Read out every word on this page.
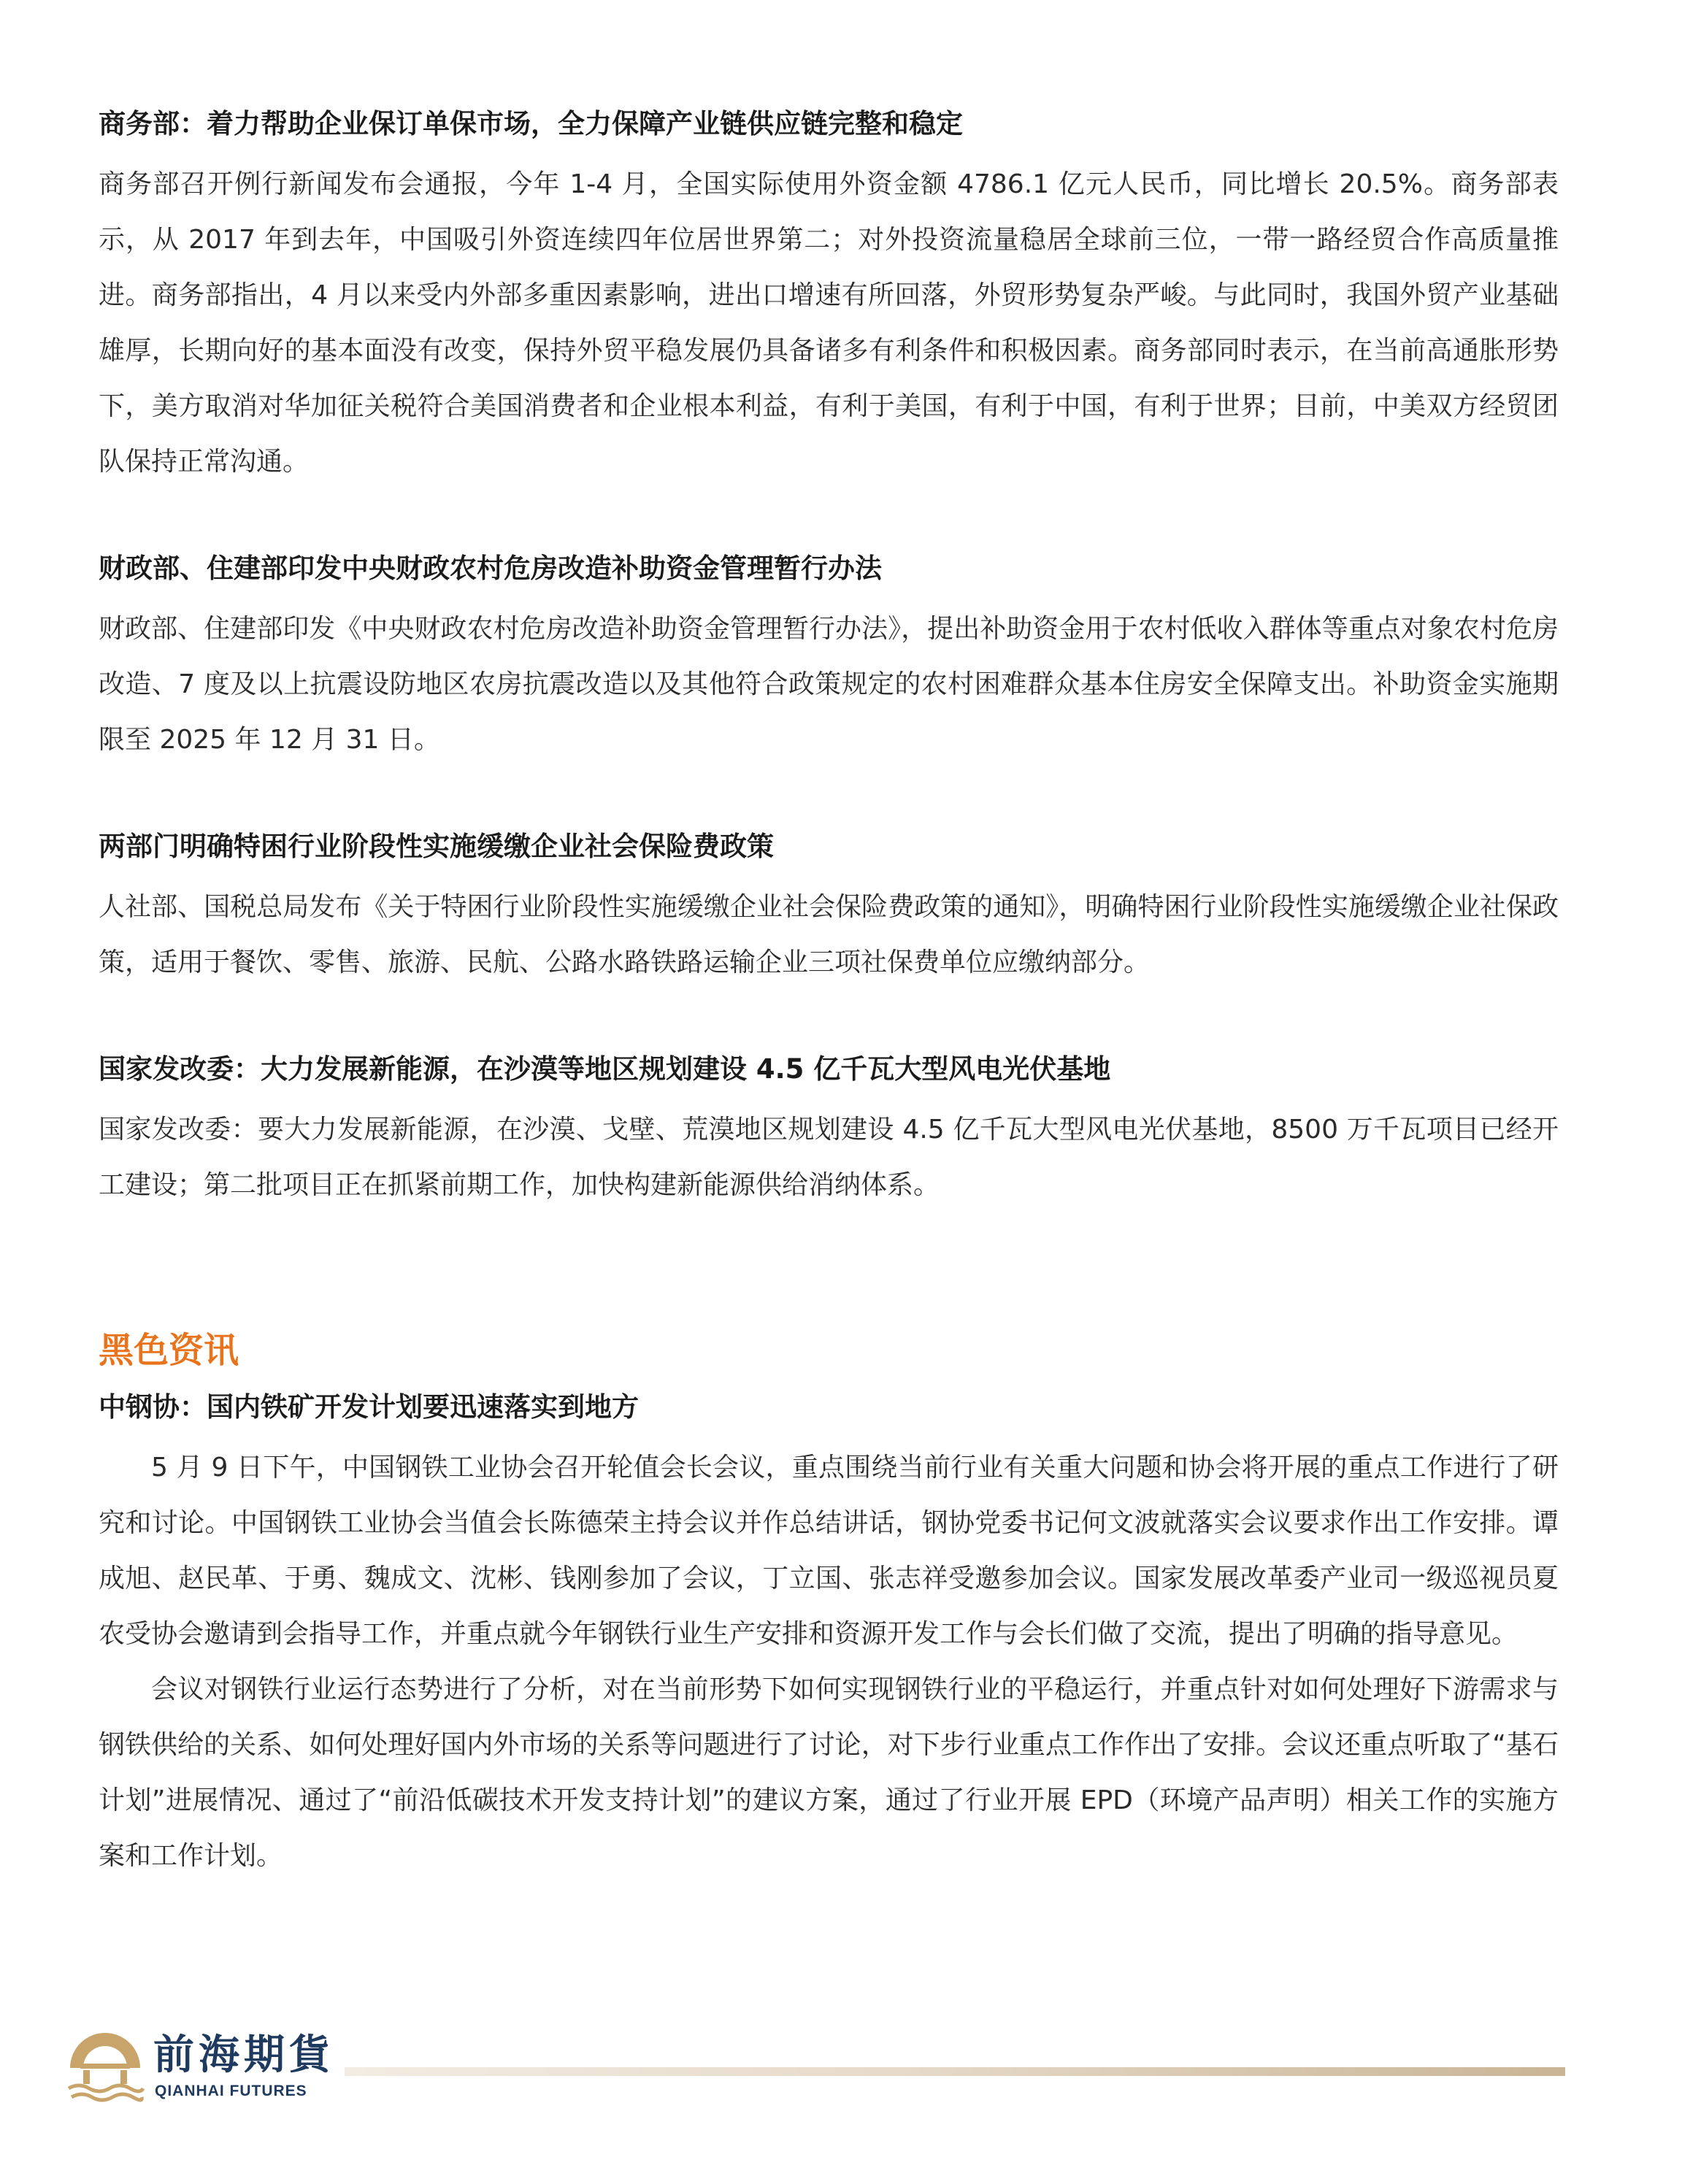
商务部：着力帮助企业保订单保市场，全力保障产业链供应链完整和稳定

商务部召开例行新闻发布会通报，今年 1-4 月，全国实际使用外资金额 4786.1 亿元人民币，同比增长 20.5%。商务部表示，从 2017 年到去年，中国吸引外资连续四年位居世界第二；对外投资流量稳居全球前三位，一带一路经贸合作高质量推进。商务部指出，4 月以来受内外部多重因素影响，进出口增速有所回落，外贸形势复杂严峻。与此同时，我国外贸产业基础雄厚，长期向好的基本面没有改变，保持外贸平稳发展仍具备诸多有利条件和积极因素。商务部同时表示，在当前高通胀形势下，美方取消对华加征关税符合美国消费者和企业根本利益，有利于美国，有利于中国，有利于世界；目前，中美双方经贸团队保持正常沟通。

财政部、住建部印发中央财政农村危房改造补助资金管理暂行办法

财政部、住建部印发《中央财政农村危房改造补助资金管理暂行办法》，提出补助资金用于农村低收入群体等重点对象农村危房改造、7 度及以上抗震设防地区农房抗震改造以及其他符合政策规定的农村困难群众基本住房安全保障支出。补助资金实施期限至 2025 年 12 月 31 日。

两部门明确特困行业阶段性实施缓缴企业社会保险费政策

人社部、国税总局发布《关于特困行业阶段性实施缓缴企业社会保险费政策的通知》，明确特困行业阶段性实施缓缴企业社保政策，适用于餐饮、零售、旅游、民航、公路水路铁路运输企业三项社保费单位应缴纳部分。

国家发改委：大力发展新能源，在沙漠等地区规划建设 4.5 亿千瓦大型风电光伏基地

国家发改委：要大力发展新能源，在沙漠、戈壁、荒漠地区规划建设 4.5 亿千瓦大型风电光伏基地，8500 万千瓦项目已经开工建设；第二批项目正在抓紧前期工作，加快构建新能源供给消纳体系。

黑色资讯

中钢协：国内铁矿开发计划要迅速落实到地方

5 月 9 日下午，中国钢铁工业协会召开轮值会长会议，重点围绕当前行业有关重大问题和协会将开展的重点工作进行了研究和讨论。中国钢铁工业协会当值会长陈德荣主持会议并作总结讲话，钢协党委书记何文波就落实会议要求作出工作安排。谭成旭、赵民革、于勇、魏成文、沈彬、钱刚参加了会议，丁立国、张志祥受邀参加会议。国家发展改革委产业司一级巡视员夏农受协会邀请到会指导工作，并重点就今年钢铁行业生产安排和资源开发工作与会长们做了交流，提出了明确的指导意见。

会议对钢铁行业运行态势进行了分析，对在当前形势下如何实现钢铁行业的平稳运行，并重点针对如何处理好下游需求与钢铁供给的关系、如何处理好国内外市场的关系等问题进行了讨论，对下步行业重点工作作出了安排。会议还重点听取了“基石计划”进展情况、通过了“前沿低碳技术开发支持计划”的建议方案，通过了行业开展 EPD（环境产品声明）相关工作的实施方案和工作计划。

前海期貨
QIANHAI FUTURES
